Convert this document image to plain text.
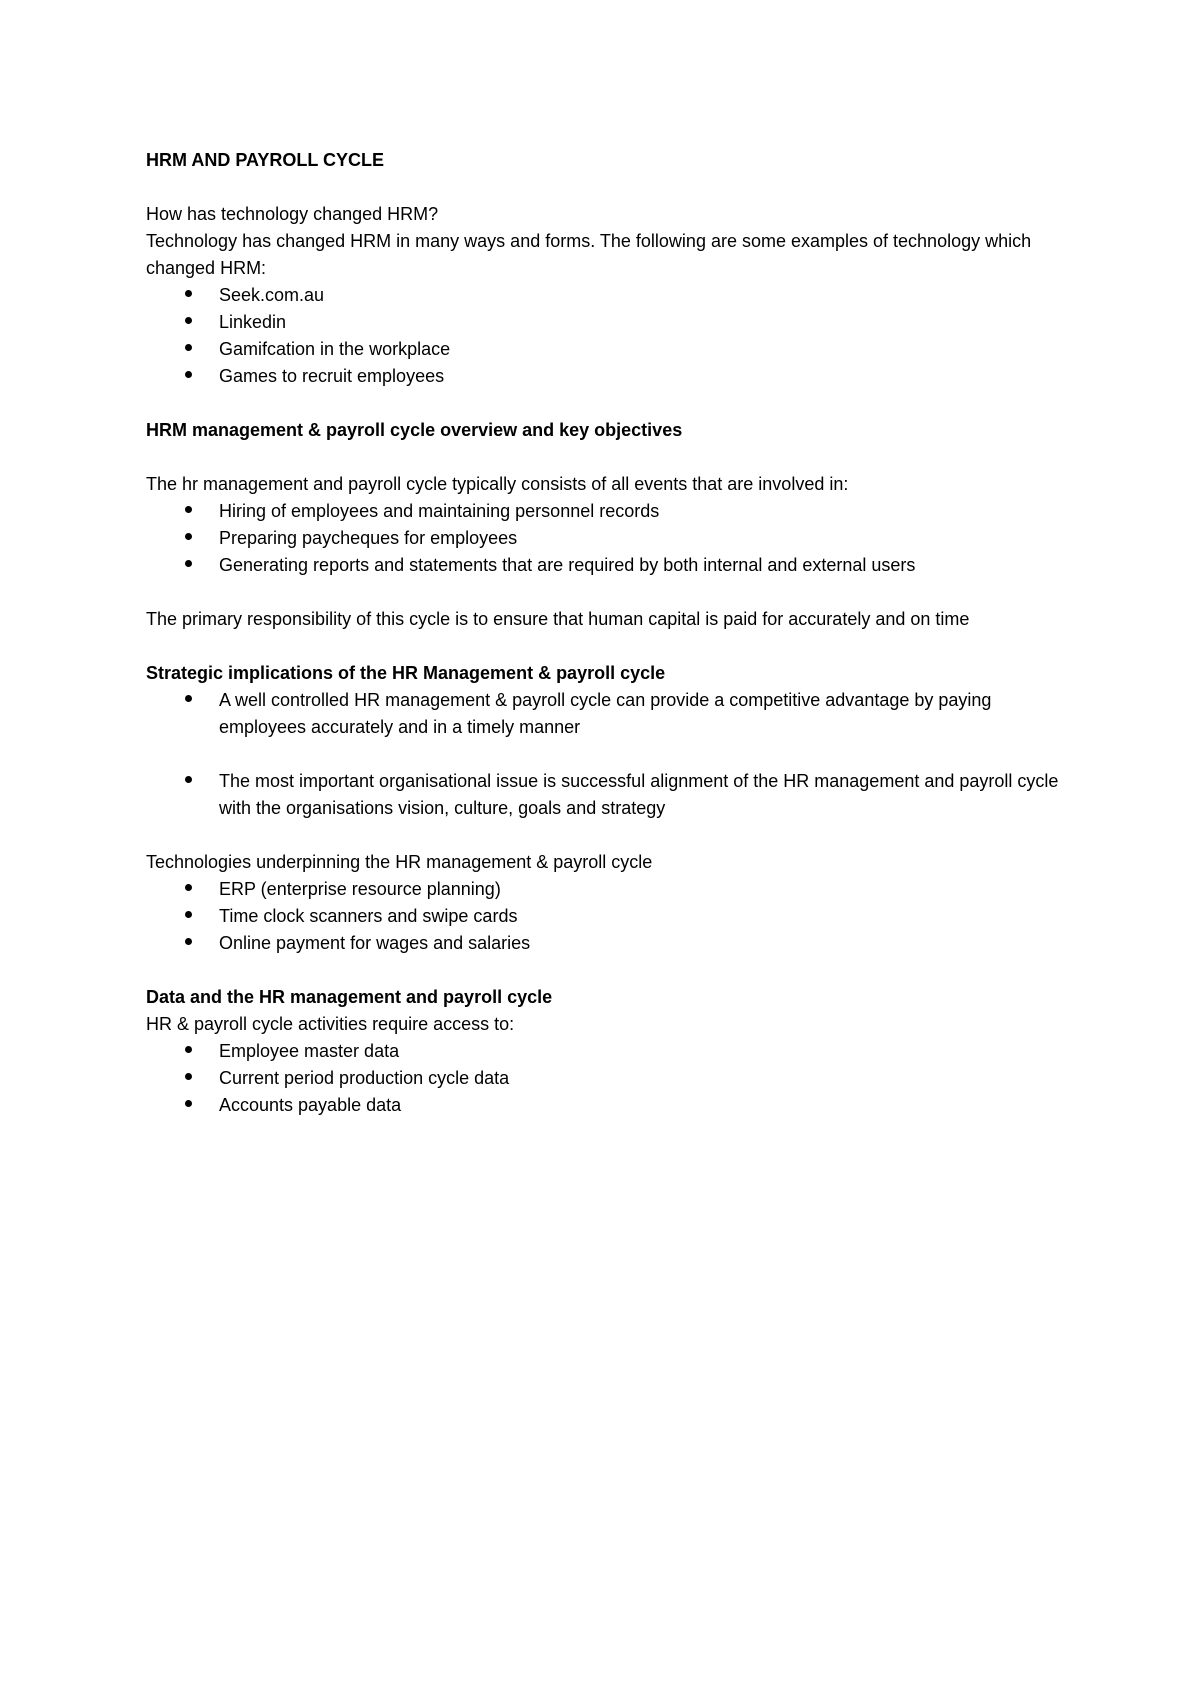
HRM AND PAYROLL CYCLE

How has technology changed HRM?

Technology has changed HRM in many ways and forms. The following are some examples of technology which changed HRM:

Seek.com.au
Linkedin
Gamifcation in the workplace
Games to recruit employees

HRM management & payroll cycle overview and key objectives

The hr management and payroll cycle typically consists of all events that are involved in:

Hiring of employees and maintaining personnel records
Preparing paycheques for employees
Generating reports and statements that are required by both internal and external users

The primary responsibility of this cycle is to ensure that human capital is paid for accurately and on time

Strategic implications of the HR Management & payroll cycle

A well controlled HR management & payroll cycle can provide a competitive advantage by paying employees accurately and in a timely manner
The most important organisational issue is successful alignment of the HR management and payroll cycle with the organisations vision, culture, goals and strategy

Technologies underpinning the HR management & payroll cycle

ERP (enterprise resource planning)
Time clock scanners and swipe cards
Online payment for wages and salaries

Data and the HR management and payroll cycle

HR & payroll cycle activities require access to:

Employee master data
Current period production cycle data
Accounts payable data
